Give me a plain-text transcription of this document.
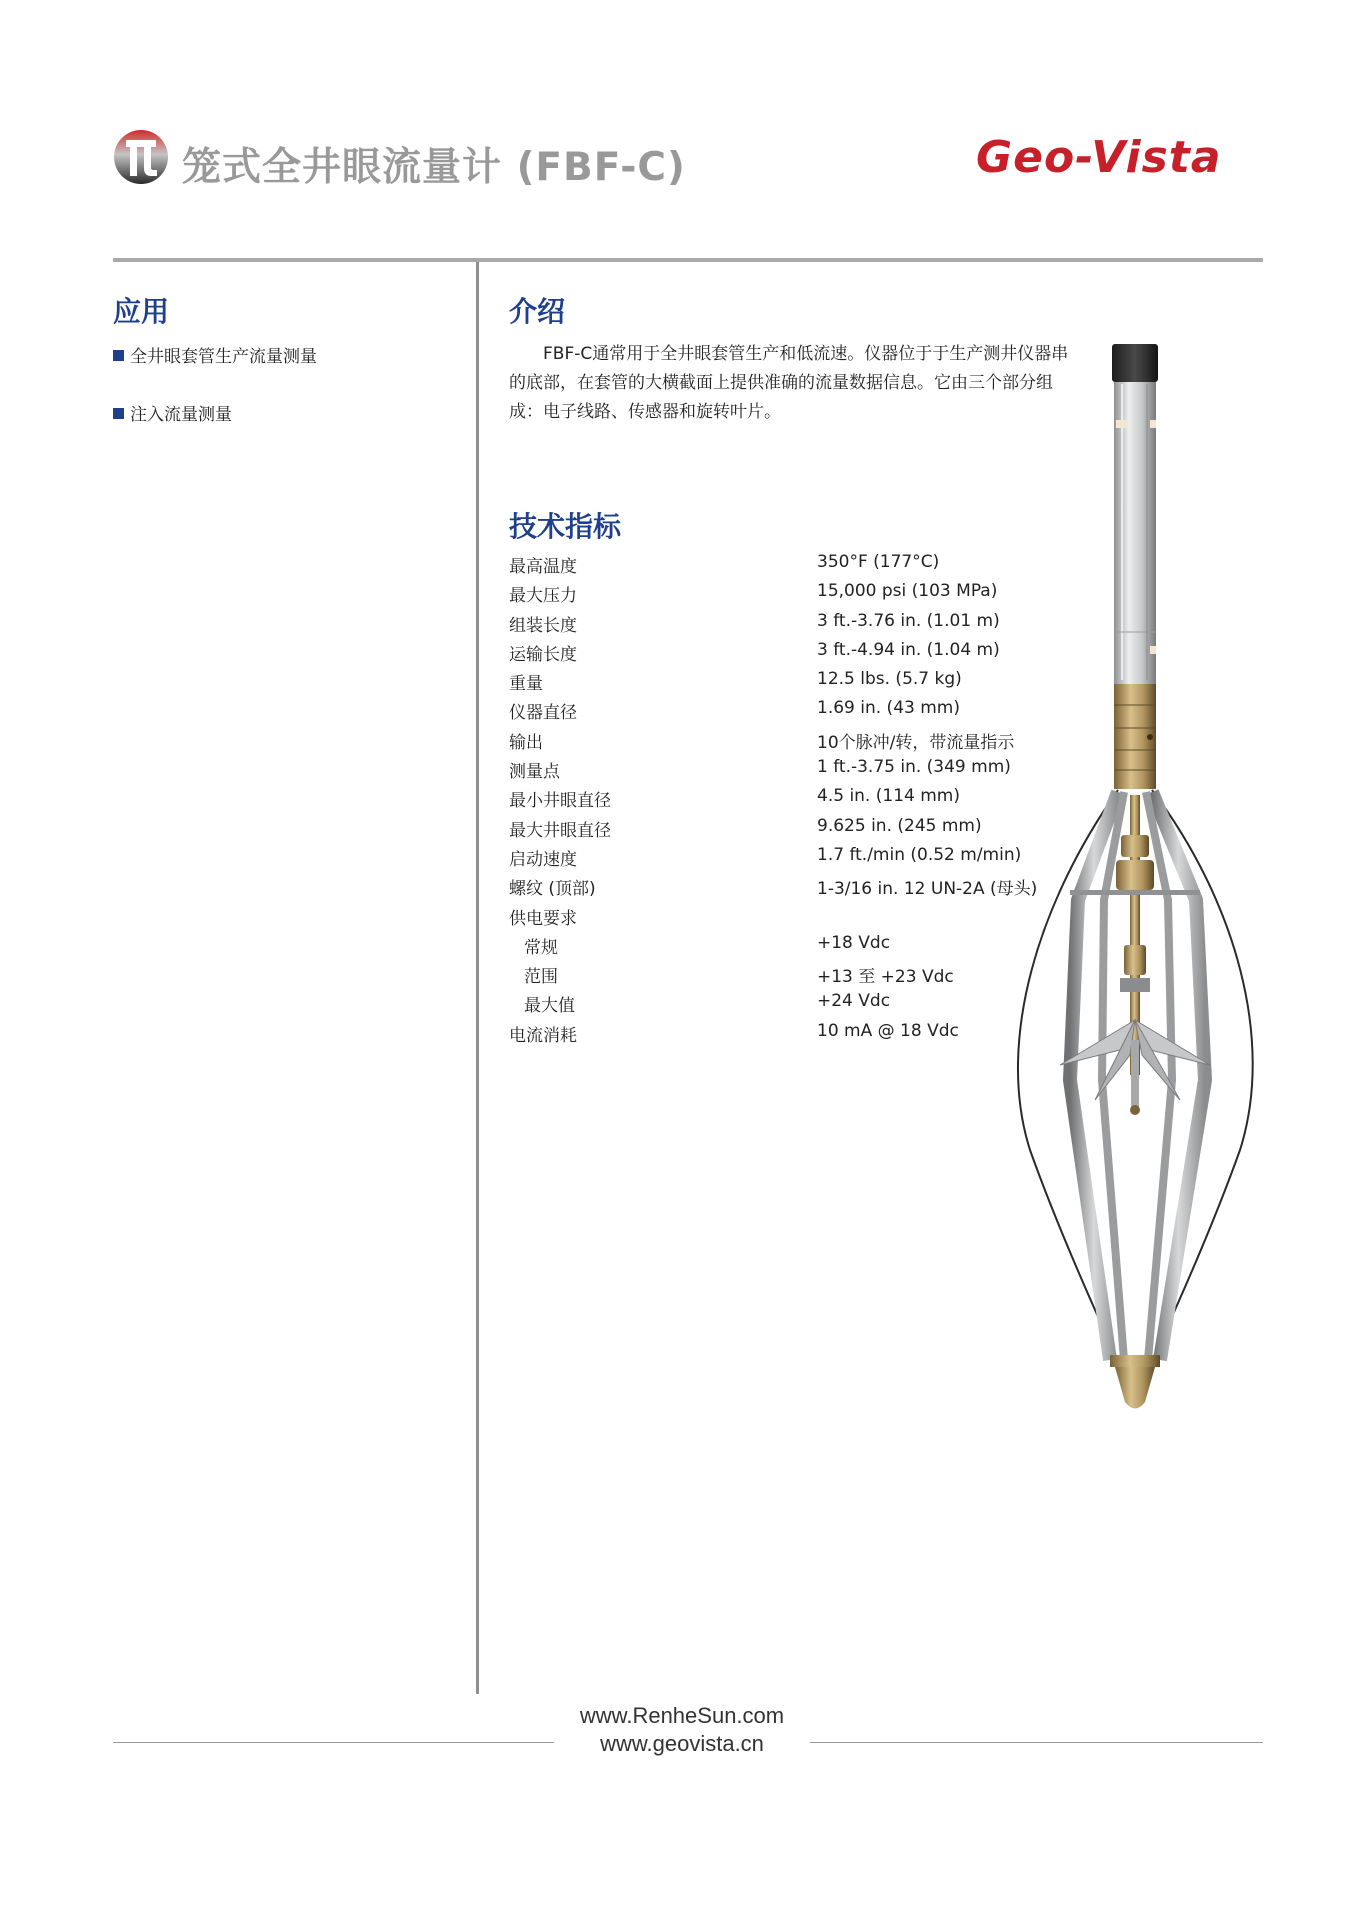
笼式全井眼流量计 (FBF-C)	Geo-Vista
应用
全井眼套管生产流量测量
注入流量测量
介绍

FBF-C通常用于全井眼套管生产和低流速。仪器位于于生产测井仪器串的底部，在套管的大横截面上提供准确的流量数据信息。它由三个部分组成：电子线路、传感器和旋转叶片。

技术指标
最高温度	350°F (177°C)
最大压力	15,000 psi (103 MPa)
组装长度	3 ft.-3.76 in. (1.01 m)
运输长度	3 ft.-4.94 in. (1.04 m)
重量	12.5 lbs. (5.7 kg)
仪器直径	1.69 in. (43 mm)
输出	10个脉冲/转，带流量指示
测量点	1 ft.-3.75 in. (349 mm)
最小井眼直径	4.5 in. (114 mm)
最大井眼直径	9.625 in. (245 mm)
启动速度	1.7 ft./min (0.52 m/min)
螺纹 (顶部)	1-3/16 in. 12 UN-2A (母头)
供电要求
常规	+18 Vdc
范围	+13 至 +23 Vdc
最大值	+24 Vdc
电流消耗	10 mA @ 18 Vdc
www.RenheSun.com
www.geovista.cn
